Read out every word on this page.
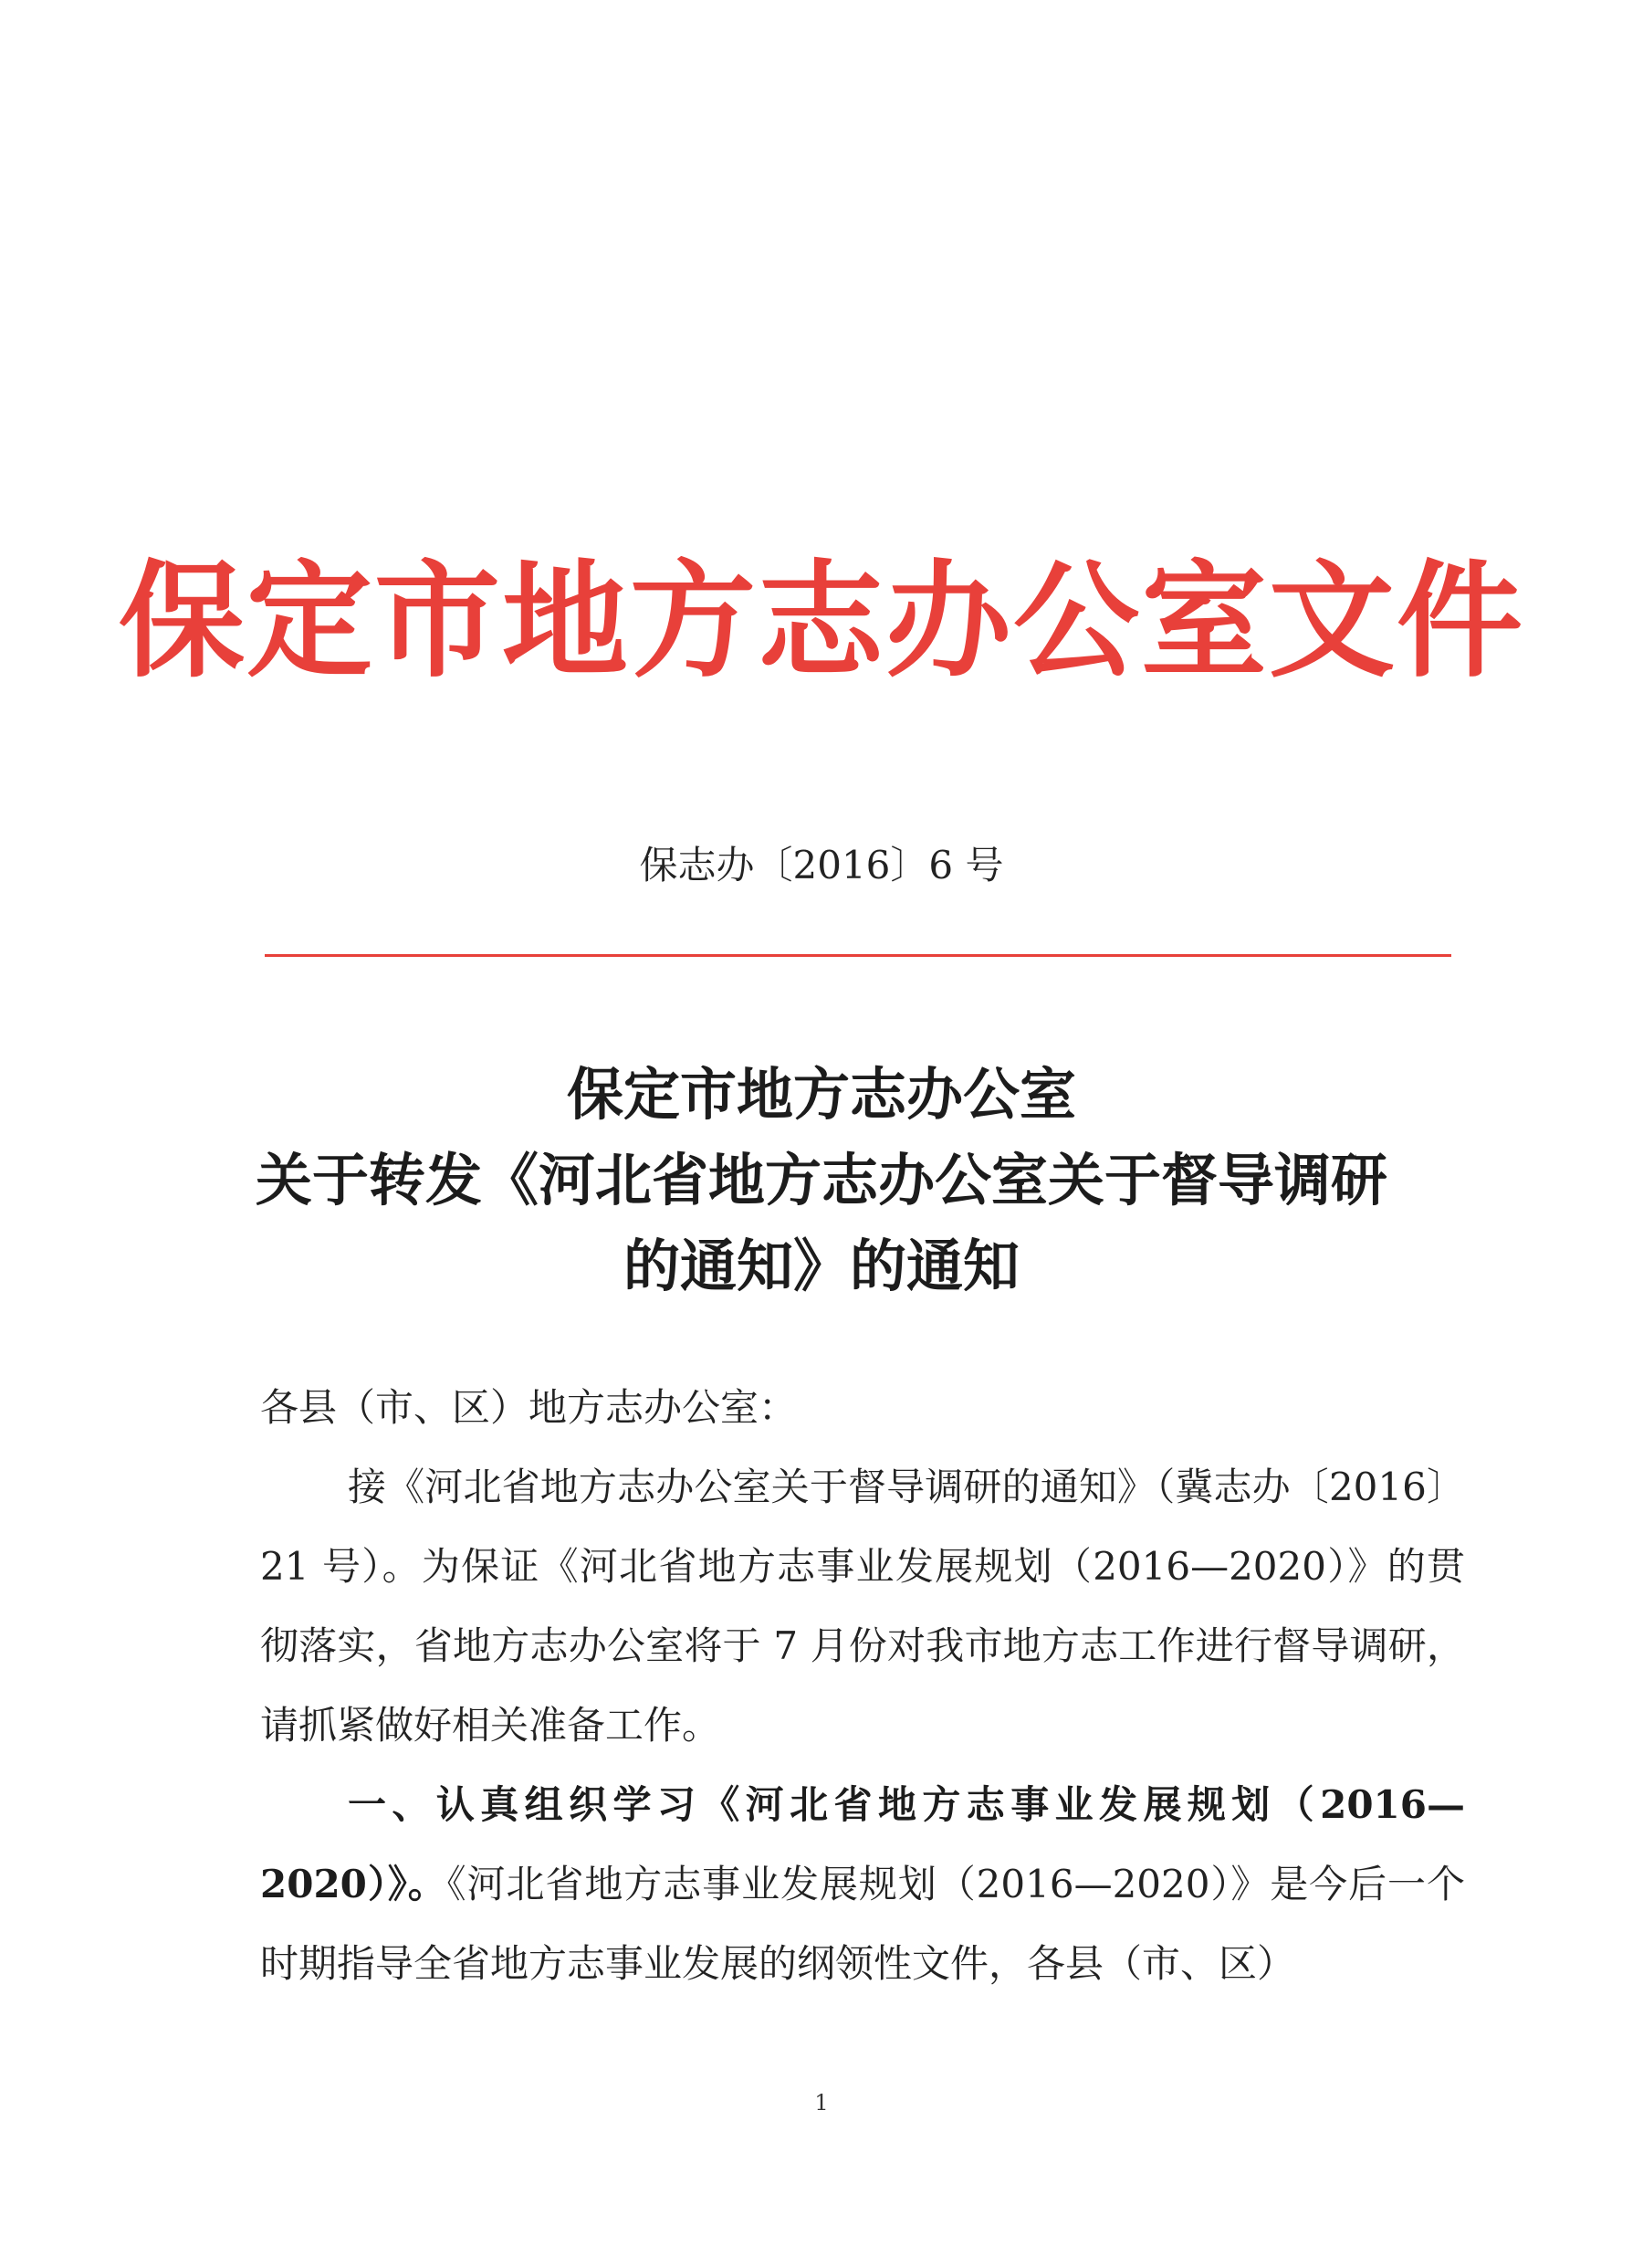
保定市地方志办公室文件
保志办〔2016〕6 号
保定市地方志办公室
关于转发《河北省地方志办公室关于督导调研
的通知》的通知

各县（市、区）地方志办公室：

接《河北省地方志办公室关于督导调研的通知》（冀志办〔2016〕21 号）。为保证《河北省地方志事业发展规划（2016—2020）》的贯彻落实，省地方志办公室将于 7 月份对我市地方志工作进行督导调研，请抓紧做好相关准备工作。

一、认真组织学习《河北省地方志事业发展规划（2016—2020）》。《河北省地方志事业发展规划（2016—2020）》是今后一个时期指导全省地方志事业发展的纲领性文件，各县（市、区）

1
